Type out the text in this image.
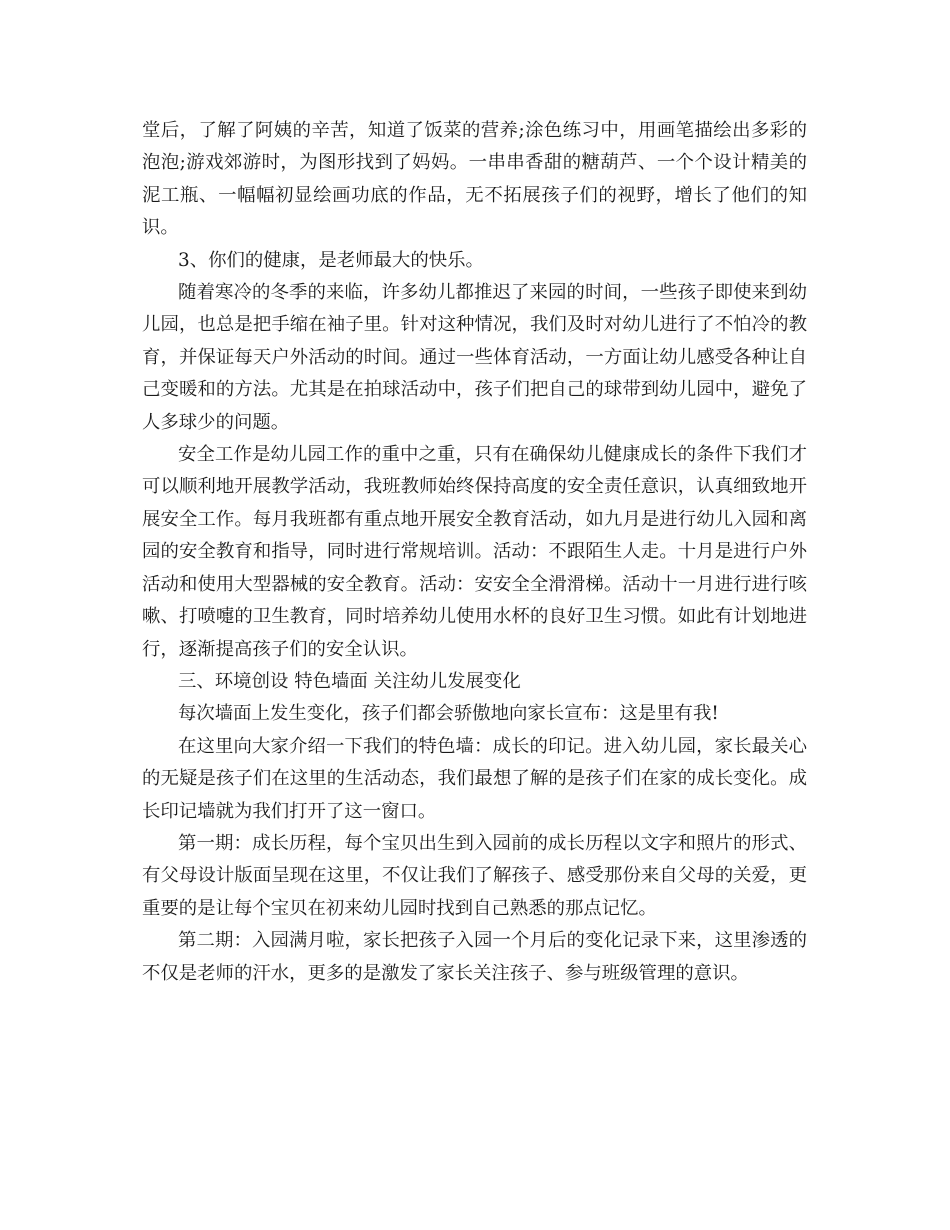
堂后，了解了阿姨的辛苦，知道了饭菜的营养;涂色练习中，用画笔描绘出多彩的泡泡;游戏郊游时，为图形找到了妈妈。一串串香甜的糖葫芦、一个个设计精美的泥工瓶、一幅幅初显绘画功底的作品，无不拓展孩子们的视野，增长了他们的知识。

3、你们的健康，是老师最大的快乐。

随着寒冷的冬季的来临，许多幼儿都推迟了来园的时间，一些孩子即使来到幼儿园，也总是把手缩在袖子里。针对这种情况，我们及时对幼儿进行了不怕冷的教育，并保证每天户外活动的时间。通过一些体育活动，一方面让幼儿感受各种让自己变暖和的方法。尤其是在拍球活动中，孩子们把自己的球带到幼儿园中，避免了人多球少的问题。

安全工作是幼儿园工作的重中之重，只有在确保幼儿健康成长的条件下我们才可以顺利地开展教学活动，我班教师始终保持高度的安全责任意识，认真细致地开展安全工作。每月我班都有重点地开展安全教育活动，如九月是进行幼儿入园和离园的安全教育和指导，同时进行常规培训。活动：不跟陌生人走。十月是进行户外活动和使用大型器械的安全教育。活动：安安全全滑滑梯。活动十一月进行进行咳嗽、打喷嚏的卫生教育，同时培养幼儿使用水杯的良好卫生习惯。如此有计划地进行，逐渐提高孩子们的安全认识。

三、环境创设 特色墙面 关注幼儿发展变化

每次墙面上发生变化，孩子们都会骄傲地向家长宣布：这是里有我!

在这里向大家介绍一下我们的特色墙：成长的印记。进入幼儿园，家长最关心的无疑是孩子们在这里的生活动态，我们最想了解的是孩子们在家的成长变化。成长印记墙就为我们打开了这一窗口。

第一期：成长历程，每个宝贝出生到入园前的成长历程以文字和照片的形式、有父母设计版面呈现在这里，不仅让我们了解孩子、感受那份来自父母的关爱，更重要的是让每个宝贝在初来幼儿园时找到自己熟悉的那点记忆。

第二期：入园满月啦，家长把孩子入园一个月后的变化记录下来，这里渗透的不仅是老师的汗水，更多的是激发了家长关注孩子、参与班级管理的意识。
